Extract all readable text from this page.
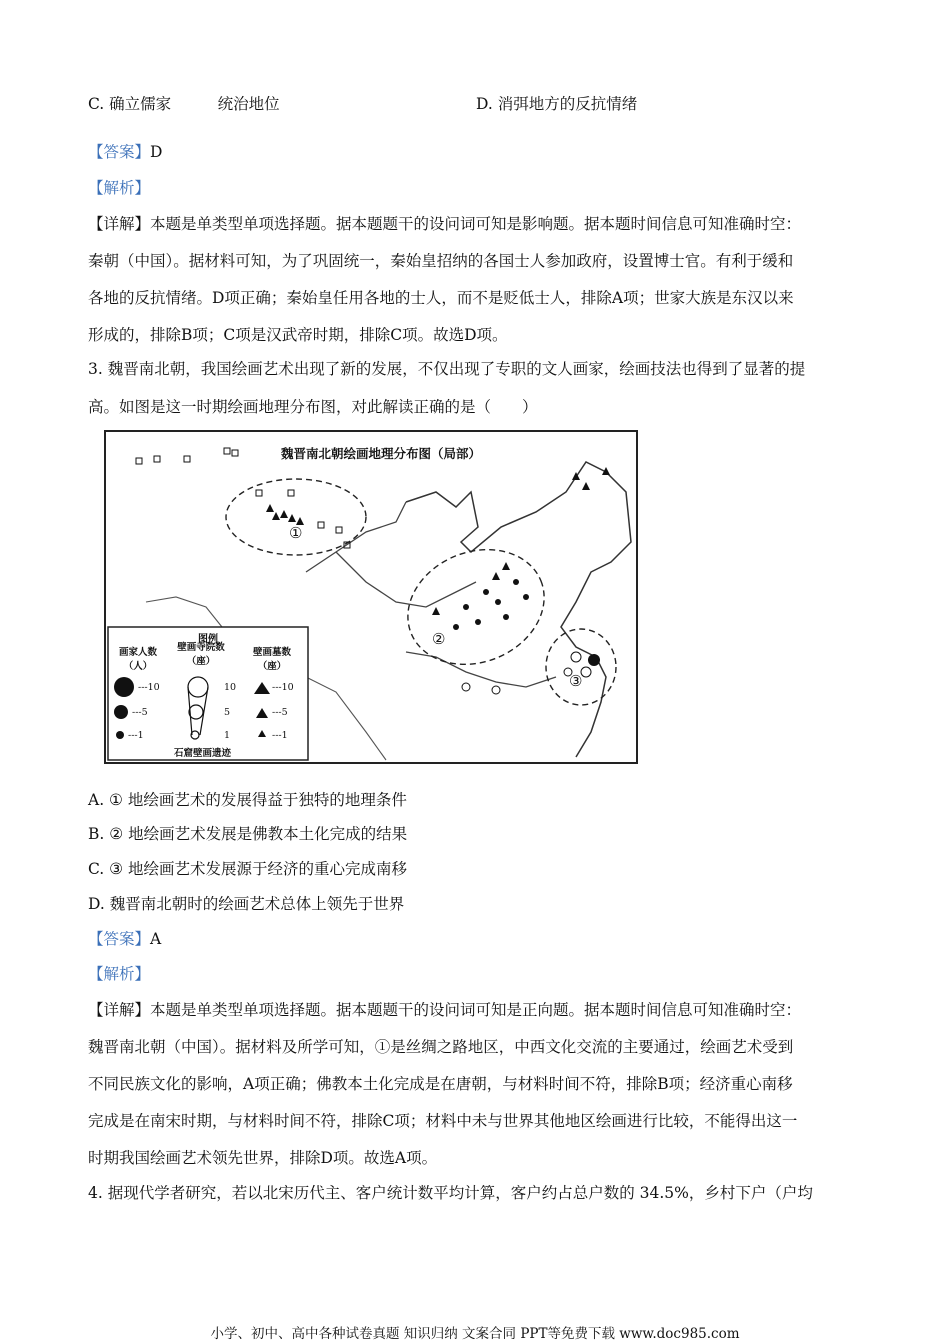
C. 确立儒家　　　统治地位	D. 消弭地方的反抗情绪
【答案】D
【解析】
【详解】本题是单类型单项选择题。据本题题干的设问词可知是影响题。据本题时间信息可知准确时空：
秦朝（中国）。据材料可知，为了巩固统一，秦始皇招纳的各国士人参加政府，设置博士官。有利于缓和
各地的反抗情绪。D项正确；秦始皇任用各地的士人，而不是贬低士人，排除A项；世家大族是东汉以来
形成的，排除B项；C项是汉武帝时期，排除C项。故选D项。
3. 魏晋南北朝，我国绘画艺术出现了新的发展，不仅出现了专职的文人画家，绘画技法也得到了显著的提
高。如图是这一时期绘画地理分布图，对此解读正确的是（　　）
魏晋南北朝绘画地理分布图（局部）
①
②
③
图例
画家人数
（人）
壁画寺院数
（座）
壁画墓数
（座）
---10
---5
---1
10
5
1
---10
---5
---1
石窟壁画遗迹
A. ① 地绘画艺术的发展得益于独特的地理条件
B. ② 地绘画艺术发展是佛教本土化完成的结果
C. ③ 地绘画艺术发展源于经济的重心完成南移
D. 魏晋南北朝时的绘画艺术总体上领先于世界
【答案】A
【解析】
【详解】本题是单类型单项选择题。据本题题干的设问词可知是正向题。据本题时间信息可知准确时空：
魏晋南北朝（中国）。据材料及所学可知，①是丝绸之路地区，中西文化交流的主要通过，绘画艺术受到
不同民族文化的影响，A项正确；佛教本土化完成是在唐朝，与材料时间不符，排除B项；经济重心南移
完成是在南宋时期，与材料时间不符，排除C项；材料中未与世界其他地区绘画进行比较，不能得出这一
时期我国绘画艺术领先世界，排除D项。故选A项。
4. 据现代学者研究，若以北宋历代主、客户统计数平均计算，客户约占总户数的 34.5%，乡村下户（户均
小学、初中、高中各种试卷真题 知识归纳 文案合同 PPT等免费下载 www.doc985.com
